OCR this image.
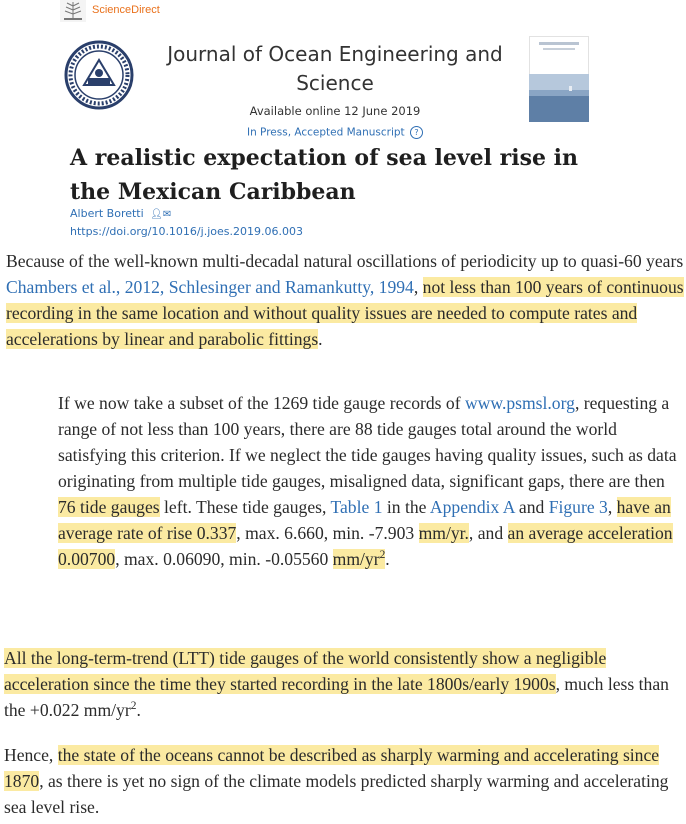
ScienceDirect
Journal of Ocean Engineering and Science
Available online 12 June 2019
In Press, Accepted Manuscript ?
A realistic expectation of sea level rise in the Mexican Caribbean
Albert Boretti 👤︎✉︎
https://doi.org/10.1016/j.joes.2019.06.003

Because of the well-known multi-decadal natural oscillations of periodicity up to quasi-60 years Chambers et al., 2012, Schlesinger and Ramankutty, 1994, not less than 100 years of continuous recording in the same location and without quality issues are needed to compute rates and accelerations by linear and parabolic fittings.

If we now take a subset of the 1269 tide gauge records of www.psmsl.org, requesting a range of not less than 100 years, there are 88 tide gauges total around the world satisfying this criterion. If we neglect the tide gauges having quality issues, such as data originating from multiple tide gauges, misaligned data, significant gaps, there are then 76 tide gauges left. These tide gauges, Table 1 in the Appendix A and Figure 3, have an average rate of rise 0.337, max. 6.660, min. -7.903 mm/yr., and an average acceleration 0.00700, max. 0.06090, min. -0.05560 $mm/yr^2$.

All the long-term-trend (LTT) tide gauges of the world consistently show a negligible acceleration since the time they started recording in the late 1800s/early 1900s, much less than the +0.022 $mm/yr^2$.

Hence, the state of the oceans cannot be described as sharply warming and accelerating since 1870, as there is yet no sign of the climate models predicted sharply warming and accelerating sea level rise.
